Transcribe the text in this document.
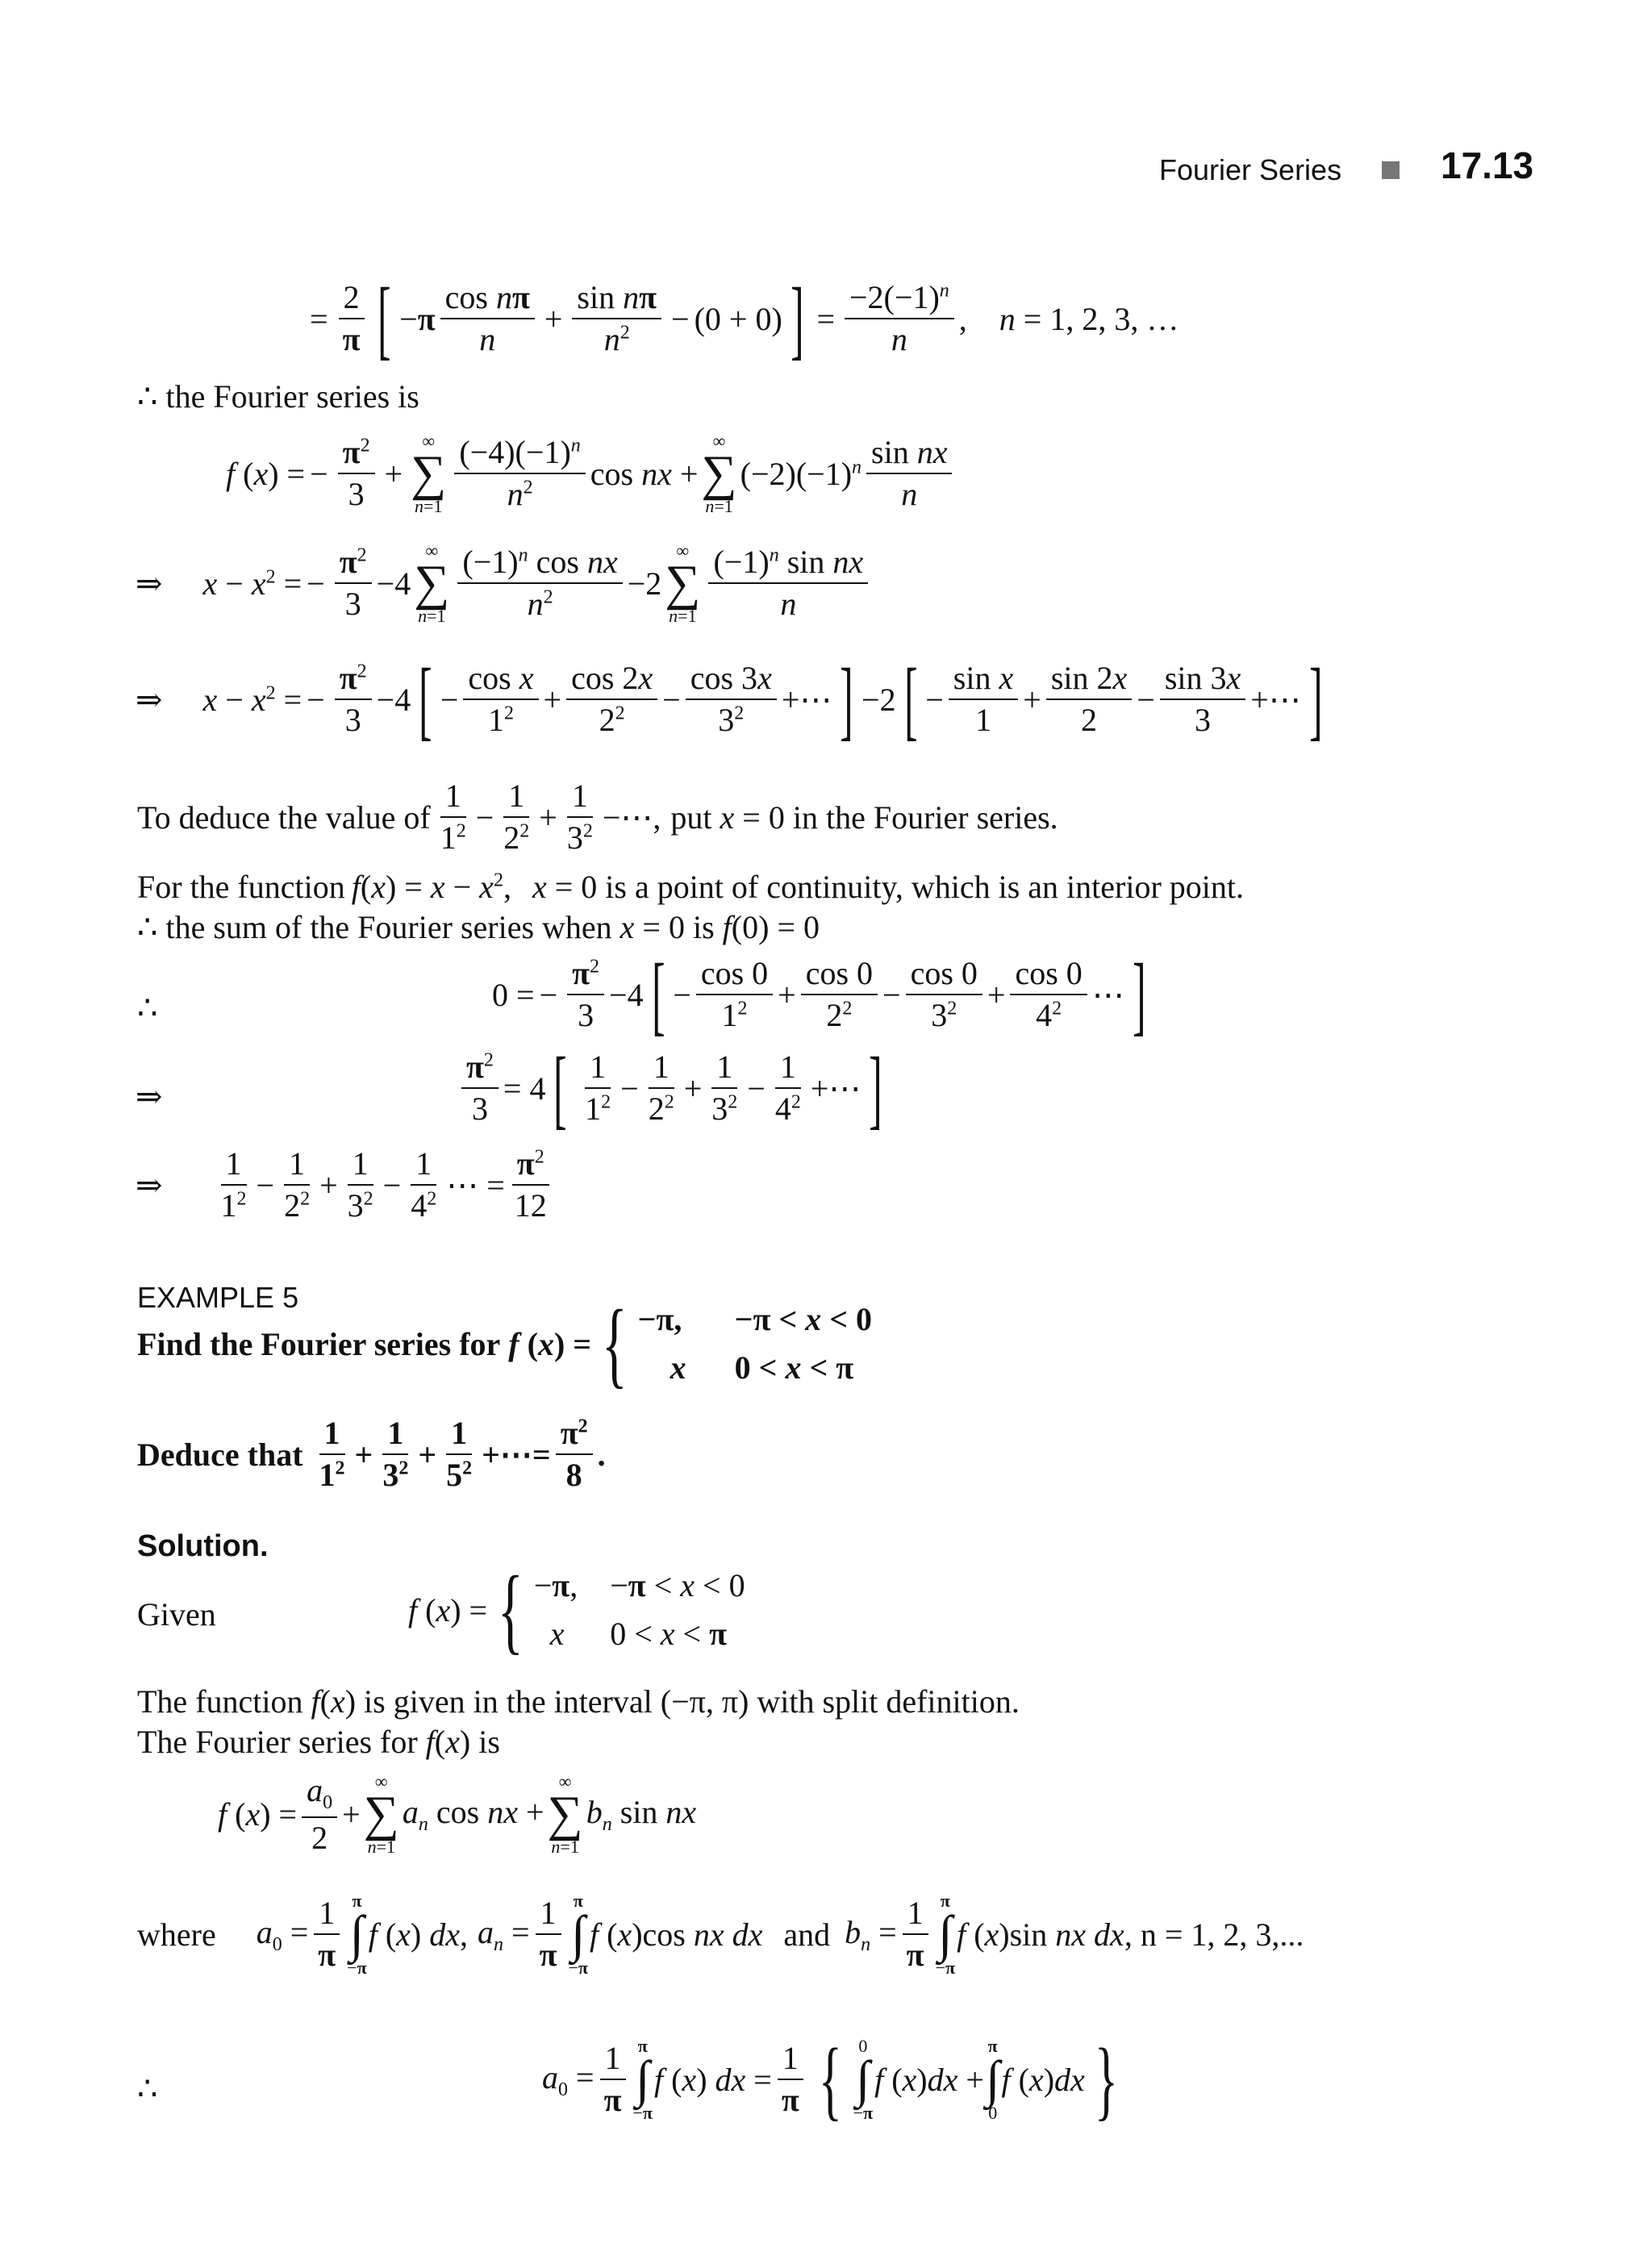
Fourier Series	17.13
= $\frac{2}{\pi}$ [ $-\pi \frac{\text{cos nπ}}{n} + \frac{\text{sin nπ}}{n^2} - (0 + 0)$ ] = $\frac{-2(-1)^n}{n}$ , n = 1, 2, 3, …
∴ the Fourier series is
f (x) = − $\frac{\pi^2}{3}$ +
∞
∑
$n=1 \frac{(-4)(-1)^n}{n^2}$ cos nx +
∞
∑
n=1
$(-2)(-1)^n \frac{\text{sin nx}}{n}$
⇒ $x - x^2$ = − $\frac{\pi^2}{3} -4$
∞
∑
$n=1 \frac{(-1)^n \cos nx}{n^2} -2$
∞
∑
$n=1 \frac{(-1)^n \sin nx}{n}$
⇒ $x - x^2$ = − $\frac{\pi^2}{3} -4$ [ − $\frac{\text{cos x}}{1^2} + \frac{\cos 2x}{2^2} - \frac{\cos 3x}{3^2}$ +⋯ ] −2 [ − $\frac{\text{sin x}}{1} + \frac{\sin 2x}{2} - \frac{\sin 3x}{3}$ +⋯ ]
To deduce the value of $\frac{1}{1^2} - \frac{1}{2^2} + \frac{1}{3^2}$ −⋯, put x = 0 in the Fourier series.
For the function $f(x) = x - x^2$, x = 0 is a point of continuity, which is an interior point.
∴ the sum of the Fourier series when x = 0 is f (0) = 0
∴	0 = − $\frac{\pi^2}{3} -4$ [ − $\frac{\cos 0}{1^2} + \frac{\cos 0}{2^2} - \frac{\cos 0}{3^2} + \frac{\cos 0}{4^2}$ ⋯ ]
⇒	$\frac{\pi^2}{3} = 4$ [ $\frac{1}{1^2} - \frac{1}{2^2} + \frac{1}{3^2} - \frac{1}{4^2}$ +⋯ ]
⇒ $\frac{1}{1^2} - \frac{1}{2^2} + \frac{1}{3^2} - \frac{1}{4^2}$ ⋯ = $\frac{\pi^2}{12}$
EXAMPLE 5
Find the Fourier series for f (x) = { −π, −π < x < 0
x 0 < x < π
Deduce that $\frac{1}{1^2} + \frac{1}{3^2} + \frac{1}{5^2}$ +⋯= $\frac{\pi^2}{8}$ .
Solution.
Given	f (x) = { −π, −π < x < 0
x	0 < x < π
The function f(x) is given in the interval (−π, π) with split definition.
The Fourier series for f(x) is
f $(x) = \frac{a_0}{2}$ +
∞
∑
n=1
$a_n$ cos nx +
∞
∑
n=1
$b_n$ sin nx
where $a_0 = \frac{1}{\pi}$ π
∫
−π
f (x) dx, $a_n = \frac{1}{\pi}$ π
∫
−π
f (x)cos nx dx and $b_n = \frac{1}{\pi}$ π
∫
−π
f (x)sin nx dx, n = 1, 2, 3,...
∴	$a_0 = \frac{1}{\pi}$ π
∫
−π
f (x) dx = $\frac{1}{\pi}$ { 0
∫
−π
f (x)dx +
π
∫
0
f (x)dx }
